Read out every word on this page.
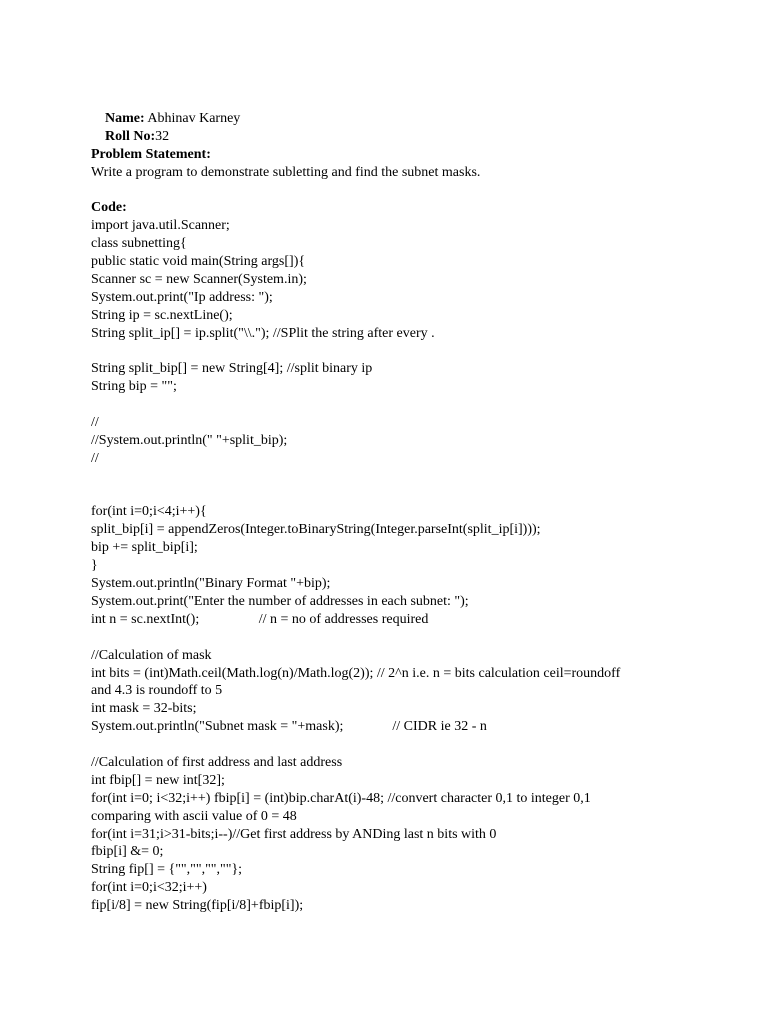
Name: Abhinav Karney

Roll No:32

Problem Statement:
Write a program to demonstrate subletting and find the subnet masks.
Code:
import java.util.Scanner;
class subnetting{
public static void main(String args[]){
Scanner sc = new Scanner(System.in);
System.out.print("Ip address: ");
String ip = sc.nextLine();
String split_ip[] = ip.split("\\."); //SPlit the string after every .
String split_bip[] = new String[4]; //split binary ip
String bip = "";
//
//System.out.println(" "+split_bip);
//
for(int i=0;i<4;i++){
split_bip[i] = appendZeros(Integer.toBinaryString(Integer.parseInt(split_ip[i])));
bip += split_bip[i];
}
System.out.println("Binary Format "+bip);
System.out.print("Enter the number of addresses in each subnet: ");
int n = sc.nextInt();                 // n = no of addresses required
//Calculation of mask
int bits = (int)Math.ceil(Math.log(n)/Math.log(2)); // 2^n i.e. n = bits calculation ceil=roundoff
and 4.3 is roundoff to 5
int mask = 32-bits;
System.out.println("Subnet mask = "+mask);              // CIDR ie 32 - n
//Calculation of first address and last address
int fbip[] = new int[32];
for(int i=0; i<32;i++) fbip[i] = (int)bip.charAt(i)-48; //convert character 0,1 to integer 0,1
comparing with ascii value of 0 = 48
for(int i=31;i>31-bits;i--)//Get first address by ANDing last n bits with 0
fbip[i] &= 0;
String fip[] = {"","","",""};
for(int i=0;i<32;i++)
fip[i/8] = new String(fip[i/8]+fbip[i]);
